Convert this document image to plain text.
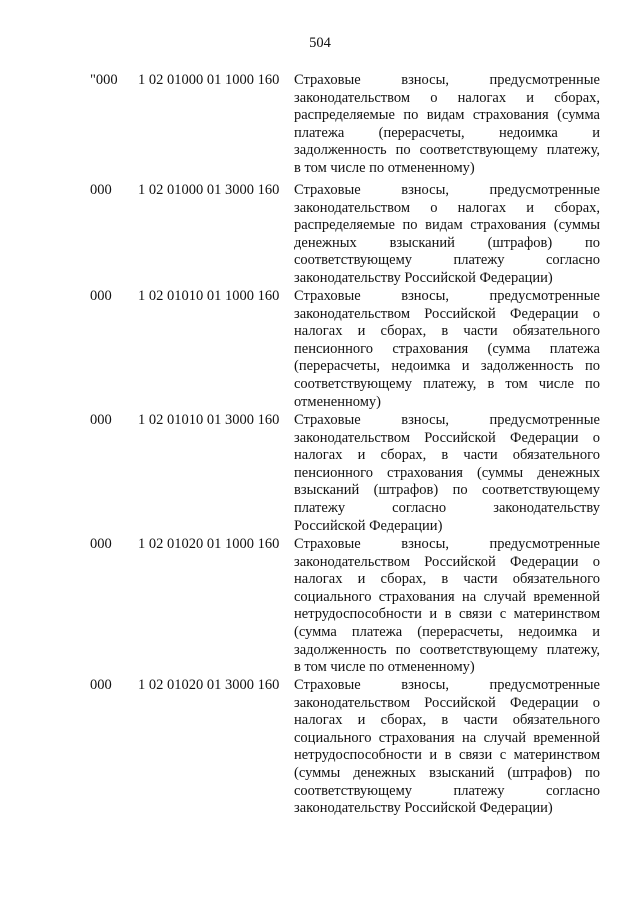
504
"000 1 02 01000 01 1000 160 Страховые взносы, предусмотренные
законодательством о налогах и сборах,
распределяемые по видам страхования (сумма
платежа (перерасчеты, недоимка и
задолженность по соответствующему платежу,
в том числе по отмененному)
000 1 02 01000 01 3000 160 Страховые взносы, предусмотренные
законодательством о налогах и сборах,
распределяемые по видам страхования (суммы
денежных взысканий (штрафов) по
соответствующему платежу согласно
законодательству Российской Федерации)
000 1 02 01010 01 1000 160 Страховые взносы, предусмотренные
законодательством Российской Федерации о
налогах и сборах, в части обязательного
пенсионного страхования (сумма платежа
(перерасчеты, недоимка и задолженность по
соответствующему платежу, в том числе по
отмененному)
000 1 02 01010 01 3000 160 Страховые взносы, предусмотренные
законодательством Российской Федерации о
налогах и сборах, в части обязательного
пенсионного страхования (суммы денежных
взысканий (штрафов) по соответствующему
платежу согласно законодательству
Российской Федерации)
000 1 02 01020 01 1000 160 Страховые взносы, предусмотренные
законодательством Российской Федерации о
налогах и сборах, в части обязательного
социального страхования на случай временной
нетрудоспособности и в связи с материнством
(сумма платежа (перерасчеты, недоимка и
задолженность по соответствующему платежу,
в том числе по отмененному)
000 1 02 01020 01 3000 160 Страховые взносы, предусмотренные
законодательством Российской Федерации о
налогах и сборах, в части обязательного
социального страхования на случай временной
нетрудоспособности и в связи с материнством
(суммы денежных взысканий (штрафов) по
соответствующему платежу согласно
законодательству Российской Федерации)
